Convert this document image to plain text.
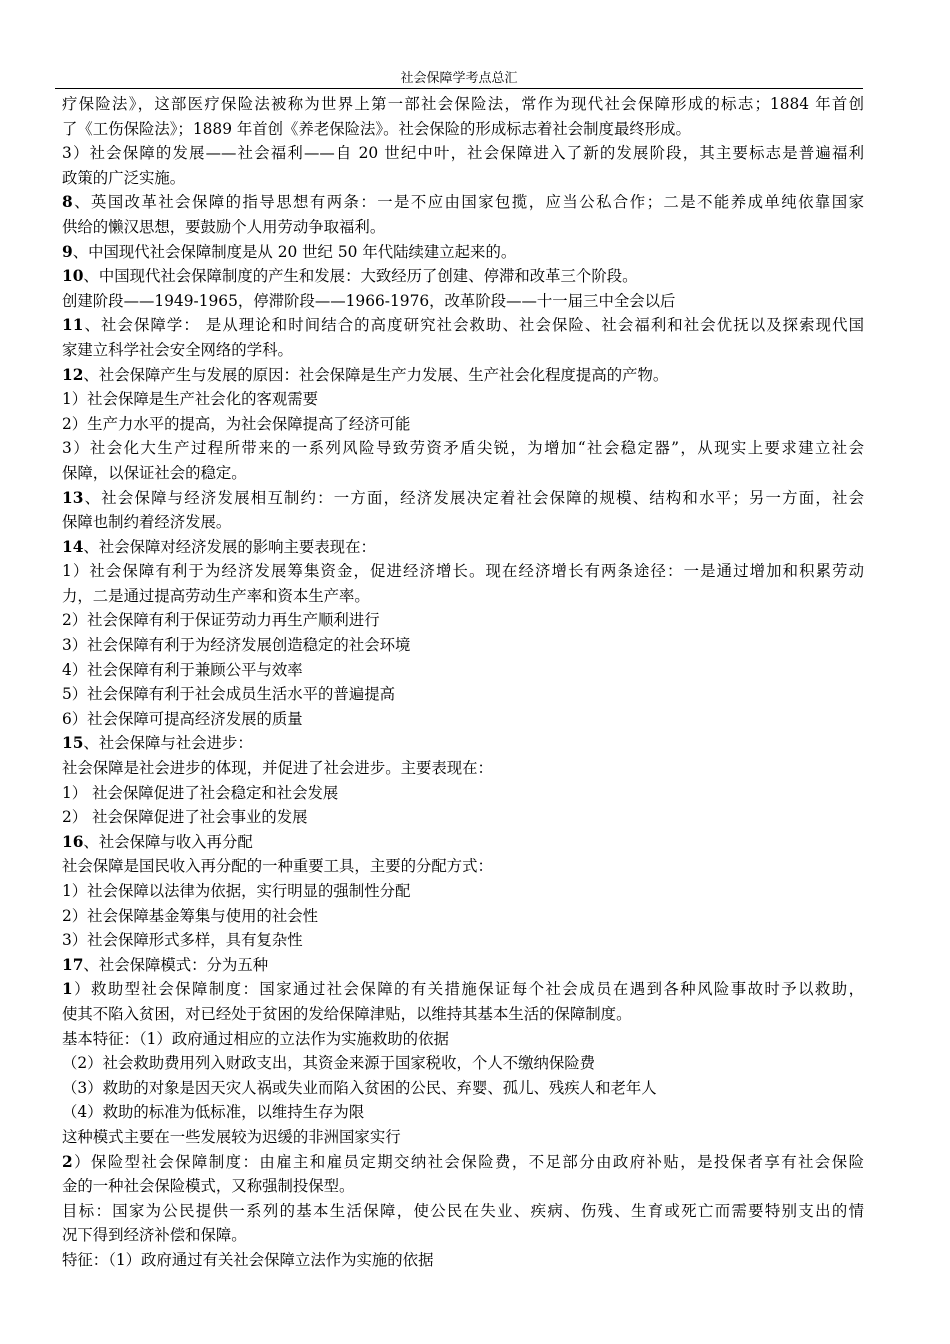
社会保障学考点总汇
疗保险法》，这部医疗保险法被称为世界上第一部社会保险法，常作为现代社会保障形成的标志；1884 年首创
了《工伤保险法》；1889 年首创《养老保险法》。社会保险的形成标志着社会制度最终形成。
3）社会保障的发展——社会福利——自 20 世纪中叶，社会保障进入了新的发展阶段，其主要标志是普遍福利
政策的广泛实施。
8、英国改革社会保障的指导思想有两条：一是不应由国家包揽，应当公私合作；二是不能养成单纯依靠国家
供给的懒汉思想，要鼓励个人用劳动争取福利。
9、中国现代社会保障制度是从 20 世纪 50 年代陆续建立起来的。
10、中国现代社会保障制度的产生和发展：大致经历了创建、停滞和改革三个阶段。
创建阶段——1949-1965，停滞阶段——1966-1976，改革阶段——十一届三中全会以后
11、社会保障学： 是从理论和时间结合的高度研究社会救助、社会保险、社会福利和社会优抚以及探索现代国
家建立科学社会安全网络的学科。
12、社会保障产生与发展的原因：社会保障是生产力发展、生产社会化程度提高的产物。
1）社会保障是生产社会化的客观需要
2）生产力水平的提高，为社会保障提高了经济可能
3）社会化大生产过程所带来的一系列风险导致劳资矛盾尖锐，为增加“社会稳定器”，从现实上要求建立社会
保障，以保证社会的稳定。
13、社会保障与经济发展相互制约：一方面，经济发展决定着社会保障的规模、结构和水平；另一方面，社会
保障也制约着经济发展。
14、社会保障对经济发展的影响主要表现在：
1）社会保障有利于为经济发展筹集资金，促进经济增长。现在经济增长有两条途径：一是通过增加和积累劳动
力，二是通过提高劳动生产率和资本生产率。
2）社会保障有利于保证劳动力再生产顺利进行
3）社会保障有利于为经济发展创造稳定的社会环境
4）社会保障有利于兼顾公平与效率
5）社会保障有利于社会成员生活水平的普遍提高
6）社会保障可提高经济发展的质量
15、社会保障与社会进步：
社会保障是社会进步的体现，并促进了社会进步。主要表现在：
1） 社会保障促进了社会稳定和社会发展
2） 社会保障促进了社会事业的发展
16、社会保障与收入再分配
社会保障是国民收入再分配的一种重要工具，主要的分配方式：
1）社会保障以法律为依据，实行明显的强制性分配
2）社会保障基金筹集与使用的社会性
3）社会保障形式多样，具有复杂性
17、社会保障模式：分为五种
1）救助型社会保障制度：国家通过社会保障的有关措施保证每个社会成员在遇到各种风险事故时予以救助，
使其不陷入贫困，对已经处于贫困的发给保障津贴，以维持其基本生活的保障制度。
基本特征：（1）政府通过相应的立法作为实施救助的依据
（2）社会救助费用列入财政支出，其资金来源于国家税收，个人不缴纳保险费
（3）救助的对象是因天灾人祸或失业而陷入贫困的公民、弃婴、孤儿、残疾人和老年人
（4）救助的标准为低标准，以维持生存为限
这种模式主要在一些发展较为迟缓的非洲国家实行
2）保险型社会保障制度：由雇主和雇员定期交纳社会保险费，不足部分由政府补贴，是投保者享有社会保险
金的一种社会保险模式，又称强制投保型。
目标：国家为公民提供一系列的基本生活保障，使公民在失业、疾病、伤残、生育或死亡而需要特别支出的情
况下得到经济补偿和保障。
特征：（1）政府通过有关社会保障立法作为实施的依据
